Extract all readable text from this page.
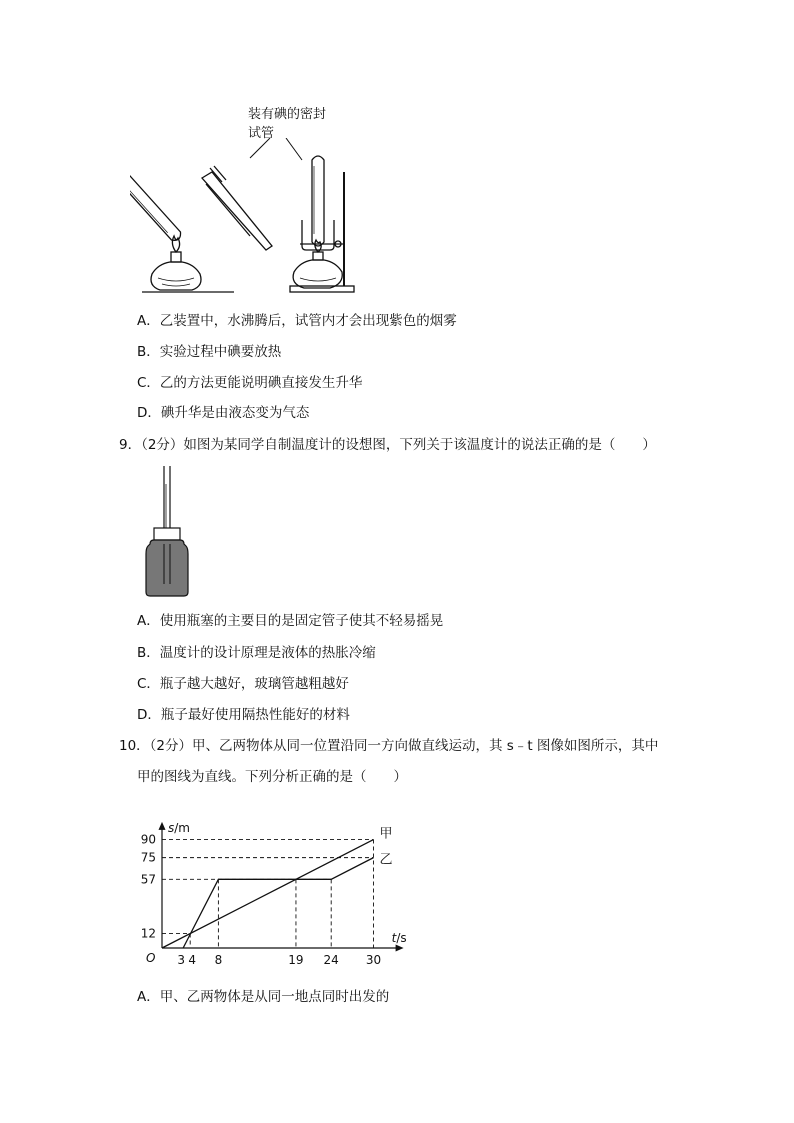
装有碘的密封
试管
A．乙装置中，水沸腾后，试管内才会出现紫色的烟雾
B．实验过程中碘要放热
C．乙的方法更能说明碘直接发生升华
D．碘升华是由液态变为气态
9．（2分）如图为某同学自制温度计的设想图，下列关于该温度计的说法正确的是（　　）
A．使用瓶塞的主要目的是固定管子使其不轻易摇晃
B．温度计的设计原理是液体的热胀冷缩
C．瓶子越大越好，玻璃管越粗越好
D．瓶子最好使用隔热性能好的材料
10．（2分）甲、乙两物体从同一位置沿同一方向做直线运动，其 s﹣t 图像如图所示，其中
甲的图线为直线。下列分析正确的是（　　）
s/m
t/s
O
12
57
75
90
3 4 8	19 24 30
甲
乙
A．甲、乙两物体是从同一地点同时出发的
